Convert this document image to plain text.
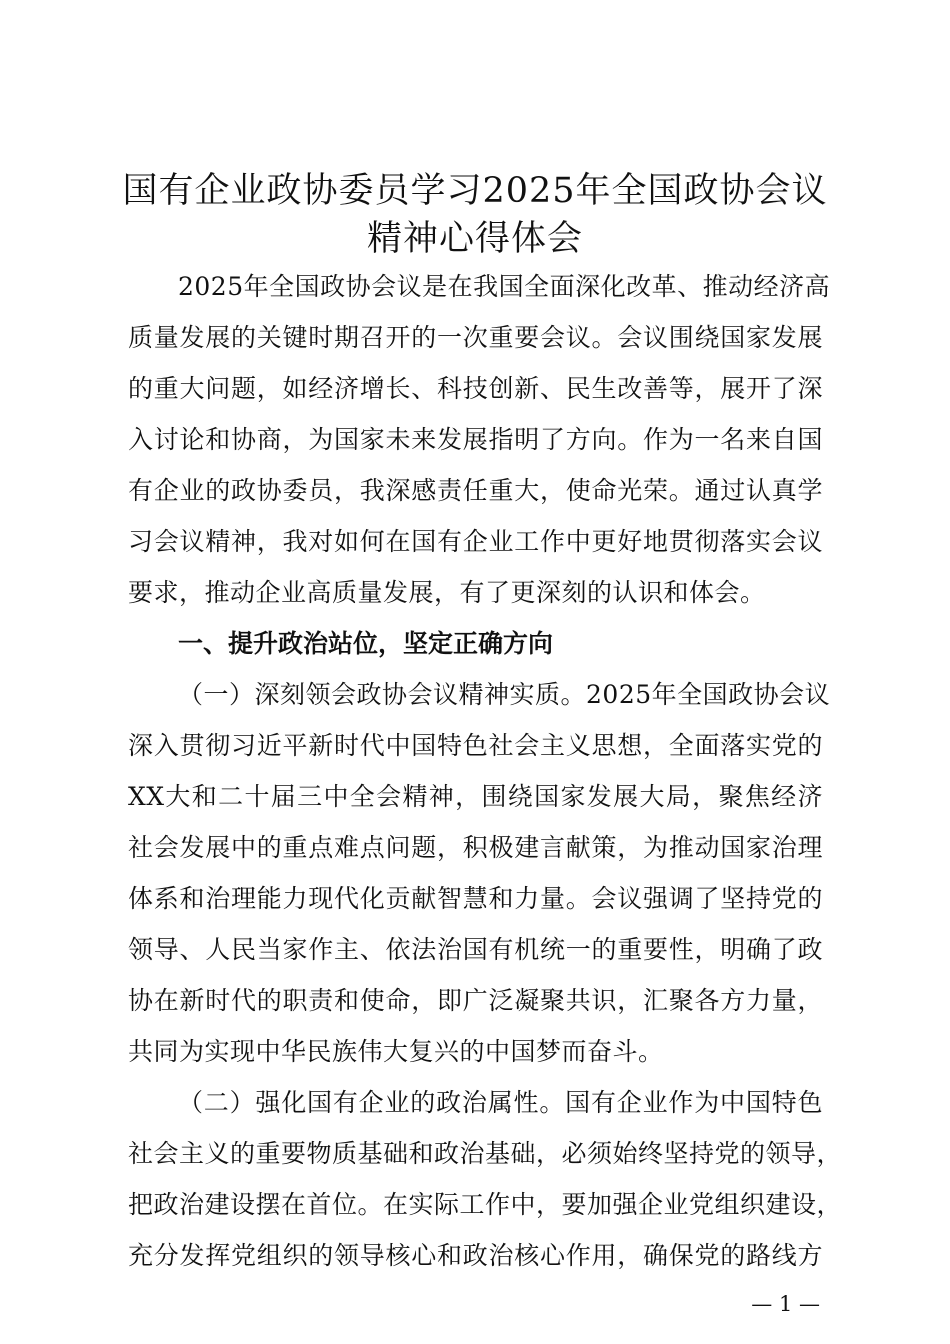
国有企业政协委员学习2025年全国政协会议
精神心得体会
2025年全国政协会议是在我国全面深化改革、推动经济高
质量发展的关键时期召开的一次重要会议。会议围绕国家发展
的重大问题，如经济增长、科技创新、民生改善等，展开了深
入讨论和协商，为国家未来发展指明了方向。作为一名来自国
有企业的政协委员，我深感责任重大，使命光荣。通过认真学
习会议精神，我对如何在国有企业工作中更好地贯彻落实会议
要求，推动企业高质量发展，有了更深刻的认识和体会。
一、提升政治站位，坚定正确方向
（一）深刻领会政协会议精神实质。2025年全国政协会议
深入贯彻习近平新时代中国特色社会主义思想，全面落实党的
XX大和二十届三中全会精神，围绕国家发展大局，聚焦经济
社会发展中的重点难点问题，积极建言献策，为推动国家治理
体系和治理能力现代化贡献智慧和力量。会议强调了坚持党的
领导、人民当家作主、依法治国有机统一的重要性，明确了政
协在新时代的职责和使命，即广泛凝聚共识，汇聚各方力量，
共同为实现中华民族伟大复兴的中国梦而奋斗。
（二）强化国有企业的政治属性。国有企业作为中国特色
社会主义的重要物质基础和政治基础，必须始终坚持党的领导，
把政治建设摆在首位。在实际工作中，要加强企业党组织建设，
充分发挥党组织的领导核心和政治核心作用，确保党的路线方
— 1 —
